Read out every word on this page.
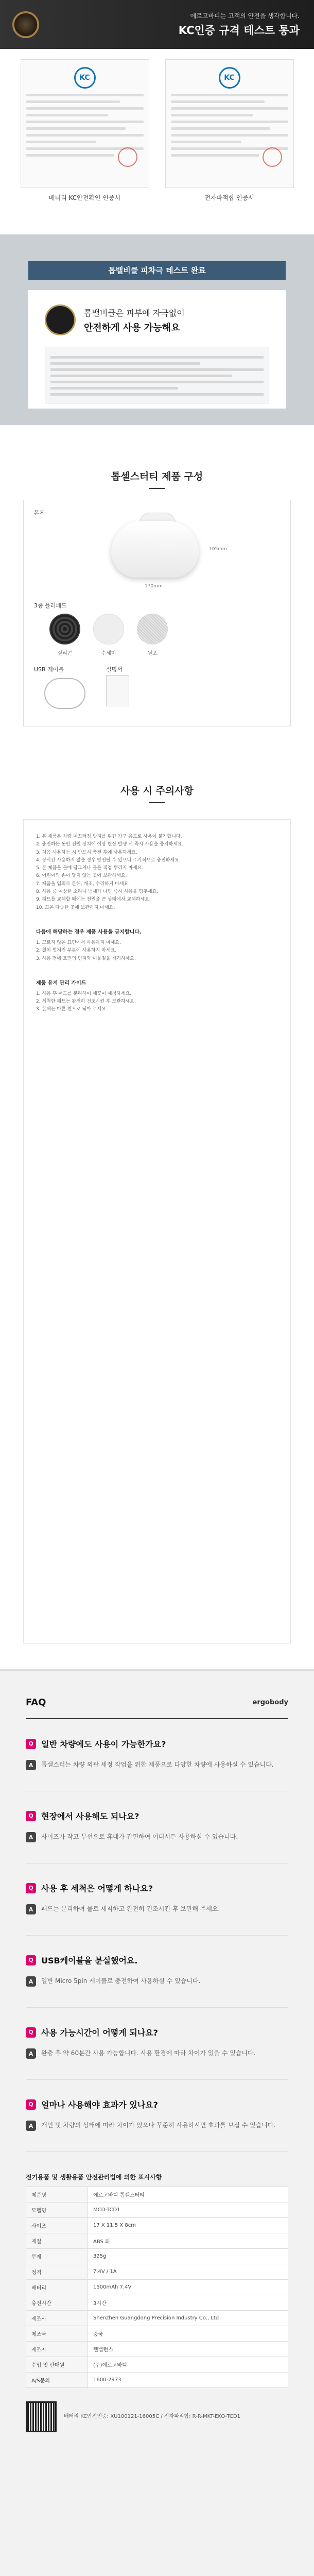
에르고바디는 고객의 안전을 생각합니다.
KC인증 규격 테스트 통과
KC
배터리 KC안전확인 인증서
KC
전자파적합 인증서
톱밸비클 피차극 테스트 완료
톱밸비클은 피부에 자극없이
안전하게 사용 가능해요
톱셀스터티 제품 구성
본체
105mm
170mm
3종 플러패드
실리콘	수세미	원포
USB 케이블	설명서
사용 시 주의사항

1. 본 제품은 차량 미끄러짐 방지를 위한 가구 용도로 사용이 불가합니다.

2. 충전하는 동안 전원 장치에 이상 현상 발생 시 즉시 사용을 중지하세요.

3. 처음 사용하는 시 반드시 충전 후에 사용하세요.

4. 장시간 사용하지 않을 경우 방전될 수 있으니 주기적으로 충전하세요.

5. 본 제품을 물에 담그거나 물을 직접 뿌리지 마세요.

6. 어린이의 손이 닿지 않는 곳에 보관하세요.

7. 제품을 임의로 분해, 개조, 수리하지 마세요.

8. 사용 중 이상한 소리나 냄새가 나면 즉시 사용을 멈추세요.

9. 패드를 교체할 때에는 전원을 끈 상태에서 교체하세요.

10. 고온 다습한 곳에 보관하지 마세요.

다음에 해당하는 경우 제품 사용을 금지합니다.

1. 고르지 않은 표면에서 사용하지 마세요.

2. 칠이 벗겨진 부분에 사용하지 마세요.

3. 사용 전에 표면의 먼지와 이물질을 제거하세요.

제품 유지 관리 가이드

1. 사용 후 패드를 분리하여 깨끗이 세척하세요.

2. 세척한 패드는 완전히 건조시킨 후 보관하세요.

3. 본체는 마른 천으로 닦아 주세요.

FAQ	ergobody
Q 일반 차량에도 사용이 가능한가요?
A	톱셀스터는 차량 외관 세정 작업을 위한 제품으로 다양한 차량에 사용하실 수 있습니다.
Q 현장에서 사용해도 되나요?
A	사이즈가 작고 무선으로 휴대가 간편하여 어디서든 사용하실 수 있습니다.
Q 사용 후 세척은 어떻게 하나요?
A	패드는 분리하여 물로 세척하고 완전히 건조시킨 후 보관해 주세요.
Q USB케이블을 분실했어요.
A	일반 Micro 5pin 케이블로 충전하여 사용하실 수 있습니다.
Q 사용 가능시간이 어떻게 되나요?
A	완충 후 약 60분간 사용 가능합니다. 사용 환경에 따라 차이가 있을 수 있습니다.
Q 얼마나 사용해야 효과가 있나요?
A	개인 및 차량의 상태에 따라 차이가 있으나 꾸준히 사용하시면 효과를 보실 수 있습니다.
전기용품 및 생활용품 안전관리법에 의한 표시사항
제품명	에르고바디 톱셀스터티
모델명	MCD-TCD1
사이즈	17 X 11.5 X 8cm
재질	ABS 외
무게	325g
정격	7.4V / 1A
배터리	1500mAh 7.4V
충전시간	3시간
제조사	Shenzhen Guangdong Precision Industry Co., Ltd
제조국	중국
제조자	웰밸런스
수입 및 판매원	(주)에르고바디
A/S문의	1600-2973
배터리 KC안전인증: XU100121-16005C / 전자파적합: R-R-MKT-EKO-TCD1
